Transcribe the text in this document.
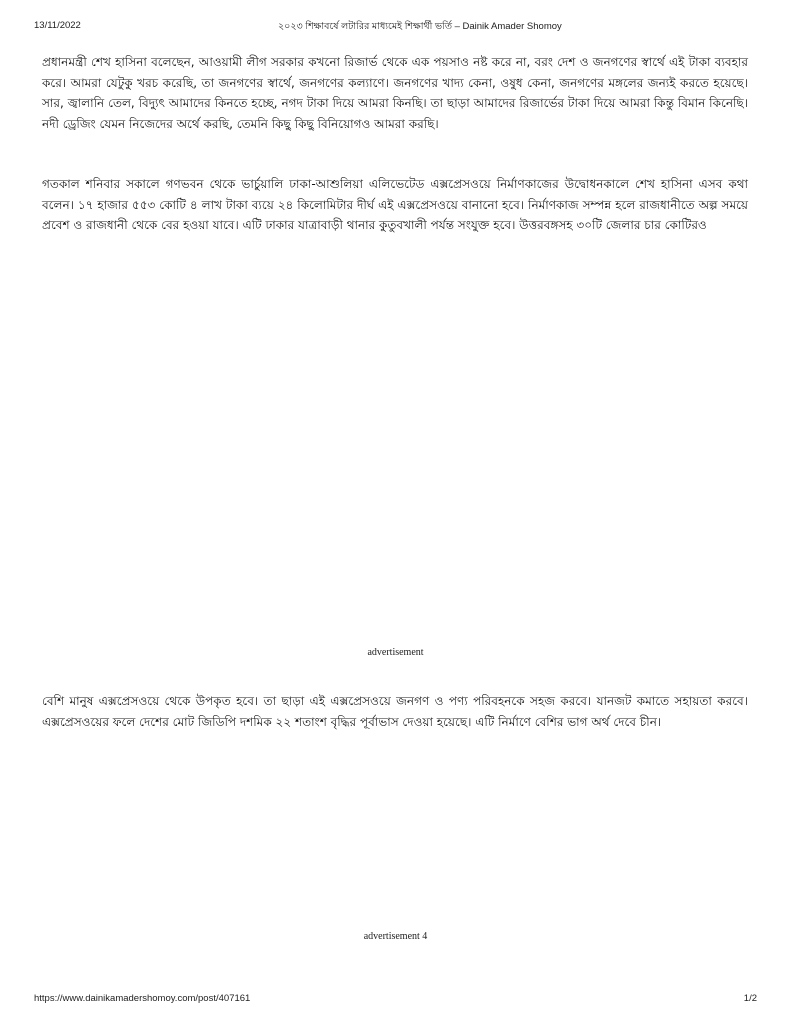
13/11/2022	২০২৩ শিক্ষাবর্ষে লটারির মাধ্যমেই শিক্ষার্থী ভর্তি – Dainik Amader Shomoy

প্রধানমন্ত্রী শেখ হাসিনা বলেছেন, আওয়ামী লীগ সরকার কখনো রিজার্ভ থেকে এক পয়সাও নষ্ট করে না, বরং দেশ ও জনগণের স্বার্থে এই টাকা ব্যবহার করে। আমরা যেটুকু খরচ করেছি, তা জনগণের স্বার্থে, জনগণের কল্যাণে। জনগণের খাদ্য কেনা, ওষুধ কেনা, জনগণের মঙ্গলের জন্যই করতে হয়েছে। সার, জ্বালানি তেল, বিদ্যুৎ আমাদের কিনতে হচ্ছে, নগদ টাকা দিয়ে আমরা কিনছি। তা ছাড়া আমাদের রিজার্ভের টাকা দিয়ে আমরা কিন্তু বিমান কিনেছি। নদী ড্রেজিং যেমন নিজেদের অর্থে করছি, তেমনি কিছু কিছু বিনিয়োগও আমরা করছি।

গতকাল শনিবার সকালে গণভবন থেকে ভার্চুয়ালি ঢাকা-আশুলিয়া এলিভেটেড এক্সপ্রেসওয়ে নির্মাণকাজের উদ্বোধনকালে শেখ হাসিনা এসব কথা বলেন। ১৭ হাজার ৫৫৩ কোটি ৪ লাখ টাকা ব্যয়ে ২৪ কিলোমিটার দীর্ঘ এই এক্সপ্রেসওয়ে বানানো হবে। নির্মাণকাজ সম্পন্ন হলে রাজধানীতে অল্প সময়ে প্রবেশ ও রাজধানী থেকে বের হওয়া যাবে। এটি ঢাকার যাত্রাবাড়ী থানার কুতুবখালী পর্যন্ত সংযুক্ত হবে। উত্তরবঙ্গসহ ৩০টি জেলার চার কোটিরও

advertisement

বেশি মানুষ এক্সপ্রেসওয়ে থেকে উপকৃত হবে। তা ছাড়া এই এক্সপ্রেসওয়ে জনগণ ও পণ্য পরিবহনকে সহজ করবে। যানজট কমাতে সহায়তা করবে। এক্সপ্রেসওয়ের ফলে দেশের মোট জিডিপি দশমিক ২২ শতাংশ বৃদ্ধির পূর্বাভাস দেওয়া হয়েছে। এটি নির্মাণে বেশির ভাগ অর্থ দেবে চীন।

advertisement 4
https://www.dainikamadershomoy.com/post/407161	1/2
